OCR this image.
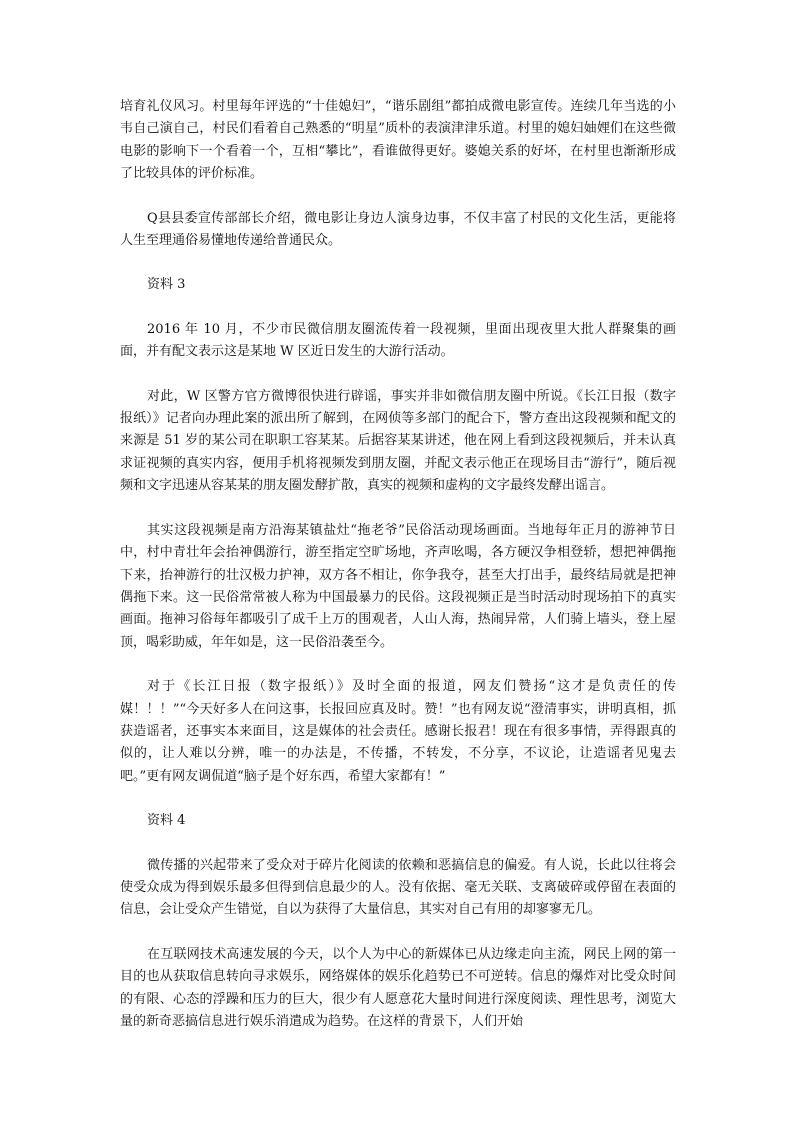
培育礼仪风习。村里每年评选的“十佳媳妇”，“谐乐剧组”都拍成微电影宣传。连续几年当选的小韦自己演自己，村民们看着自己熟悉的“明星”质朴的表演津津乐道。村里的媳妇妯娌们在这些微电影的影响下一个看着一个，互相“攀比”，看谁做得更好。婆媳关系的好坏，在村里也渐渐形成了比较具体的评价标准。

Q县县委宣传部部长介绍，微电影让身边人演身边事，不仅丰富了村民的文化生活，更能将人生至理通俗易懂地传递给普通民众。

资料 3

2016 年 10 月，不少市民微信朋友圈流传着一段视频，里面出现夜里大批人群聚集的画面，并有配文表示这是某地 W 区近日发生的大游行活动。

对此，W 区警方官方微博很快进行辟谣，事实并非如微信朋友圈中所说。《长江日报（数字报纸）》记者向办理此案的派出所了解到，在网侦等多部门的配合下，警方查出这段视频和配文的来源是 51 岁的某公司在职职工容某某。后据容某某讲述，他在网上看到这段视频后，并未认真求证视频的真实内容，便用手机将视频发到朋友圈，并配文表示他正在现场目击“游行”，随后视频和文字迅速从容某某的朋友圈发酵扩散，真实的视频和虚构的文字最终发酵出谣言。

其实这段视频是南方沿海某镇盐灶“拖老爷”民俗活动现场画面。当地每年正月的游神节日中，村中青壮年会抬神偶游行，游至指定空旷场地，齐声吆喝，各方硬汉争相登轿，想把神偶拖下来，抬神游行的壮汉极力护神，双方各不相让，你争我夺，甚至大打出手，最终结局就是把神偶拖下来。这一民俗常常被人称为中国最暴力的民俗。这段视频正是当时活动时现场拍下的真实画面。拖神习俗每年都吸引了成千上万的围观者，人山人海，热闹异常，人们骑上墙头，登上屋顶，喝彩助威，年年如是，这一民俗沿袭至今。

对于《长江日报（数字报纸）》及时全面的报道，网友们赞扬“这才是负责任的传媒！！！”“今天好多人在问这事，长报回应真及时。赞！”也有网友说“澄清事实，讲明真相，抓获造谣者，还事实本来面目，这是媒体的社会责任。感谢长报君！现在有很多事情，弄得跟真的似的，让人难以分辨，唯一的办法是，不传播，不转发，不分享，不议论，让造谣者见鬼去吧。”更有网友调侃道“脑子是个好东西，希望大家都有！”

资料 4

微传播的兴起带来了受众对于碎片化阅读的依赖和恶搞信息的偏爱。有人说，长此以往将会使受众成为得到娱乐最多但得到信息最少的人。没有依据、毫无关联、支离破碎或停留在表面的信息，会让受众产生错觉，自以为获得了大量信息，其实对自己有用的却寥寥无几。

在互联网技术高速发展的今天，以个人为中心的新媒体已从边缘走向主流，网民上网的第一目的也从获取信息转向寻求娱乐，网络媒体的娱乐化趋势已不可逆转。信息的爆炸对比受众时间的有限、心态的浮躁和压力的巨大，很少有人愿意花大量时间进行深度阅读、理性思考，浏览大量的新奇恶搞信息进行娱乐消遣成为趋势。在这样的背景下，人们开始
